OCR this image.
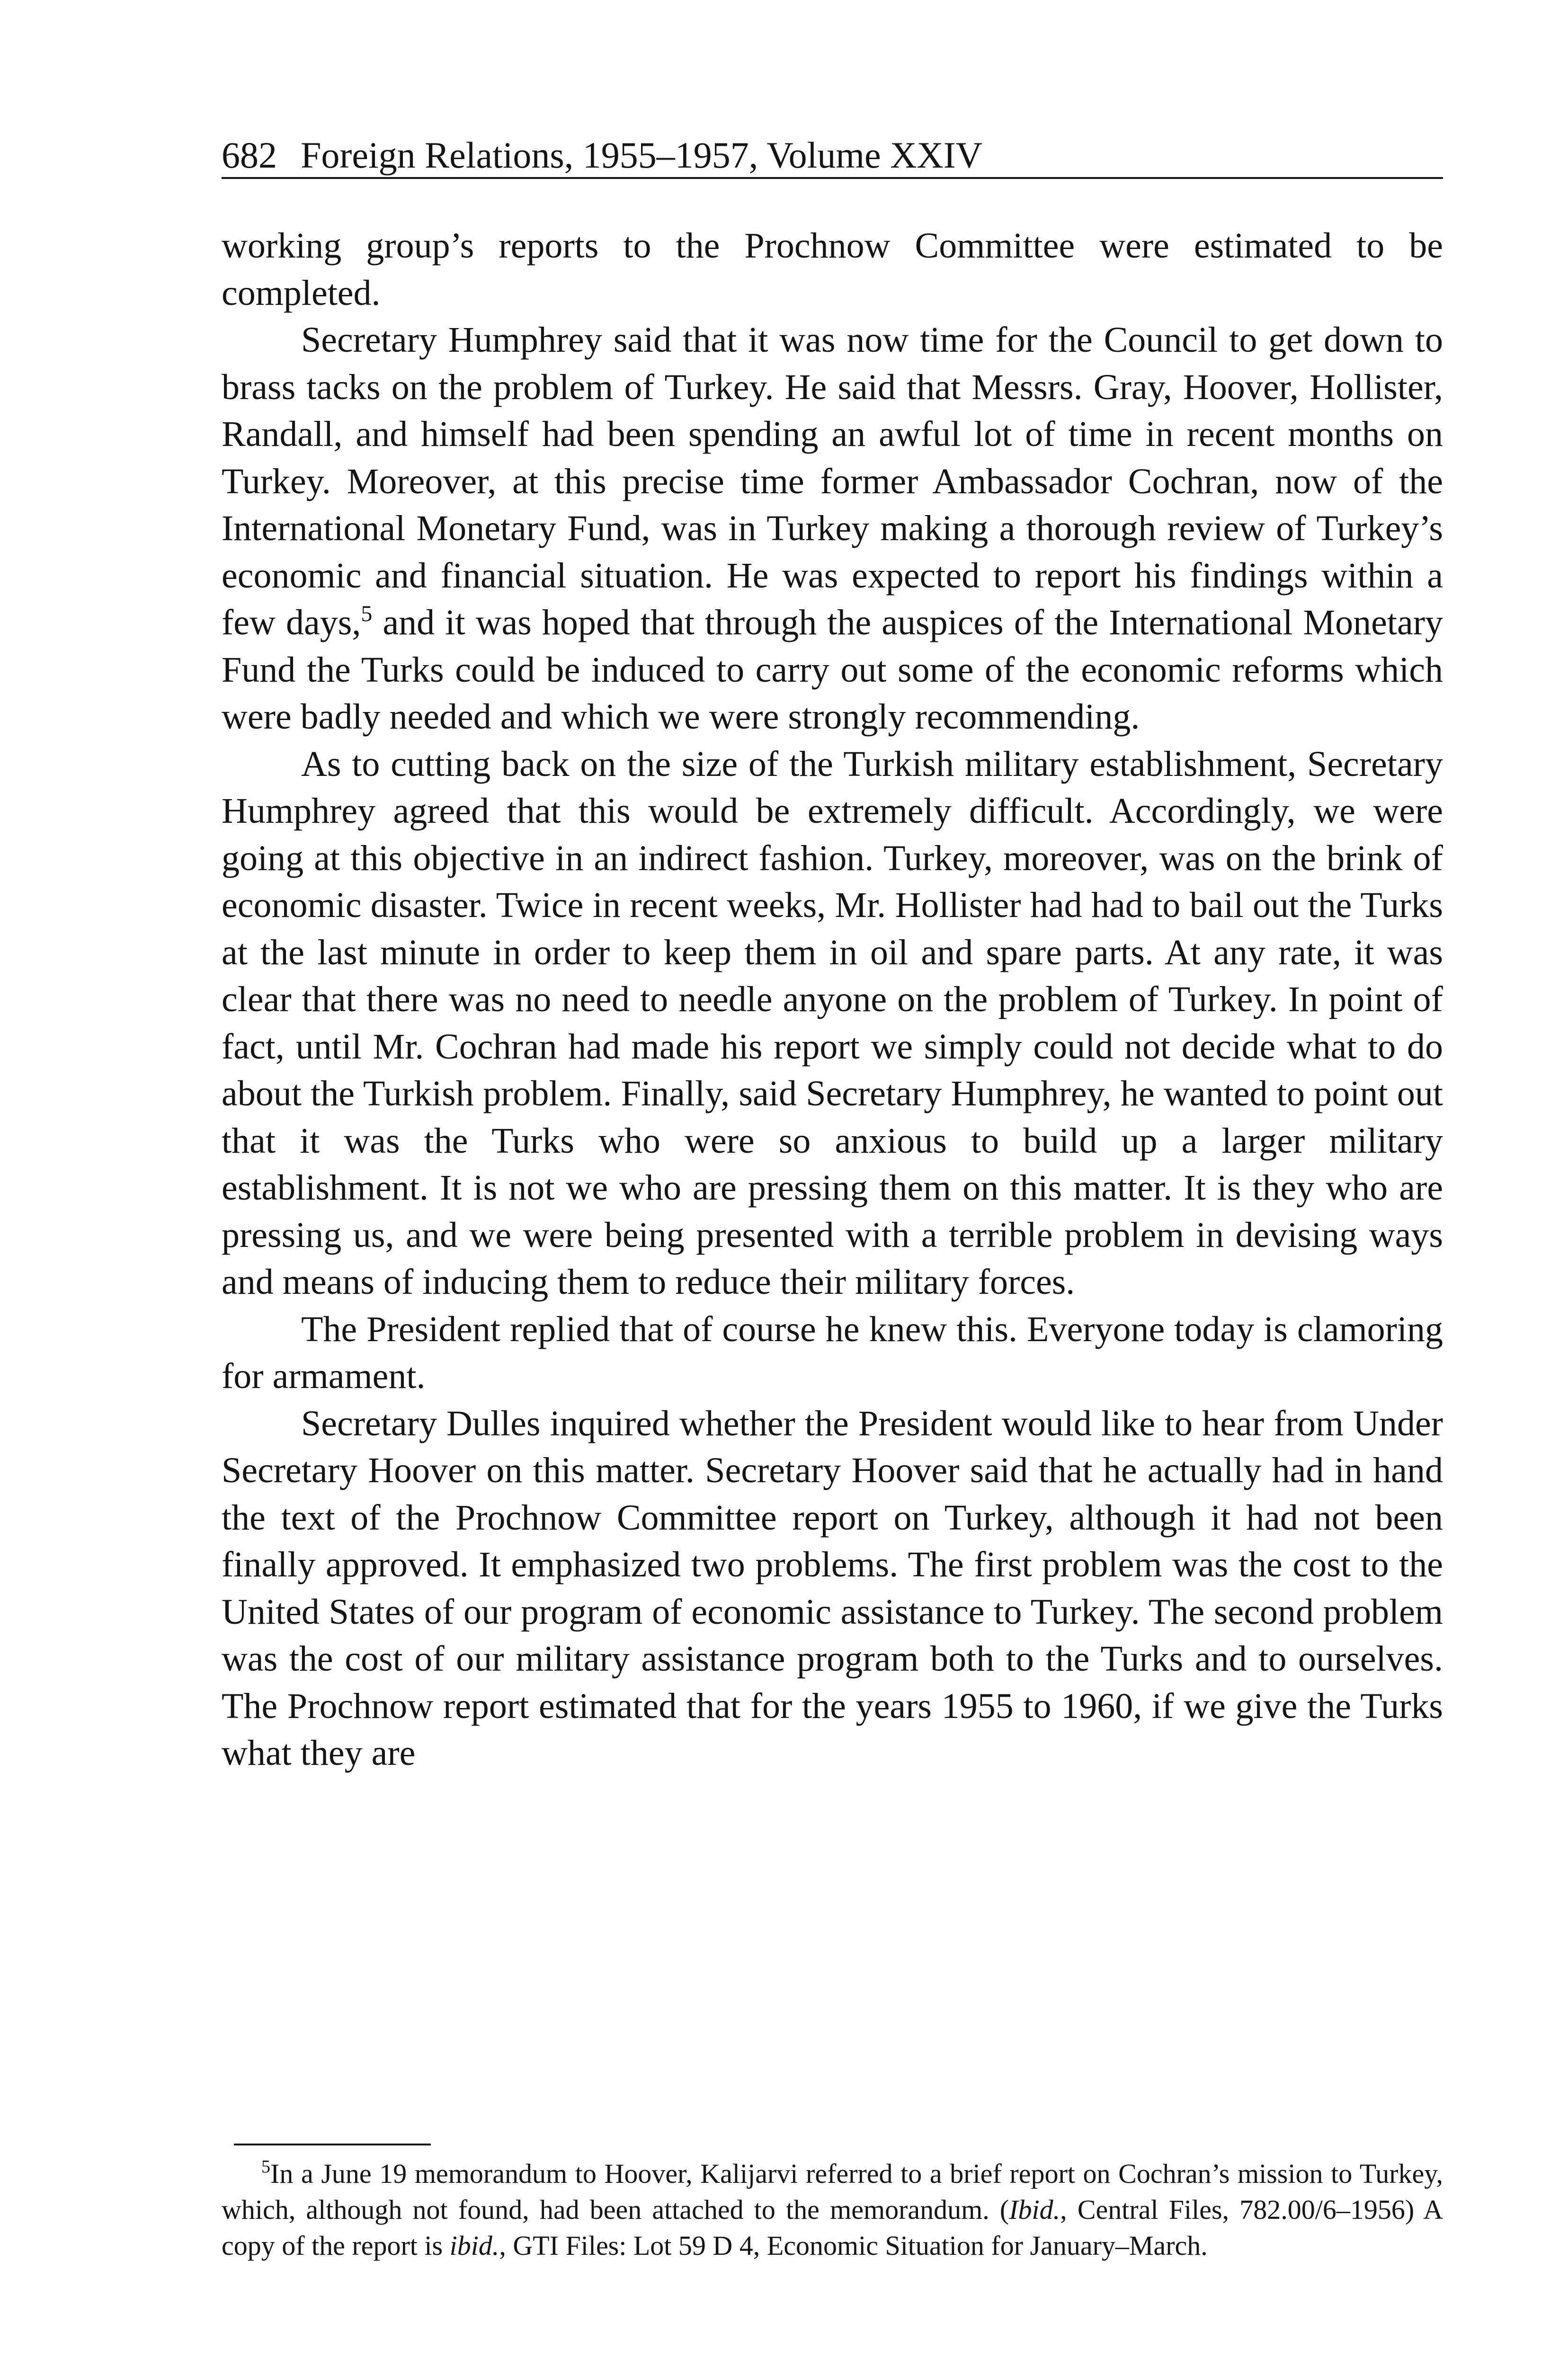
682 Foreign Relations, 1955–1957, Volume XXIV

working group’s reports to the Prochnow Committee were estimated to be completed.

Secretary Humphrey said that it was now time for the Council to get down to brass tacks on the problem of Turkey. He said that Messrs. Gray, Hoover, Hollister, Randall, and himself had been spending an awful lot of time in recent months on Turkey. Moreover, at this precise time former Ambassador Cochran, now of the International Monetary Fund, was in Turkey making a thorough review of Turkey’s economic and financial situation. He was expected to report his findings within a few days,$^5$ and it was hoped that through the auspices of the International Monetary Fund the Turks could be induced to carry out some of the economic reforms which were badly needed and which we were strongly recommending.

As to cutting back on the size of the Turkish military establishment, Secretary Humphrey agreed that this would be extremely difficult. Accordingly, we were going at this objective in an indirect fashion. Turkey, moreover, was on the brink of economic disaster. Twice in recent weeks, Mr. Hollister had had to bail out the Turks at the last minute in order to keep them in oil and spare parts. At any rate, it was clear that there was no need to needle anyone on the problem of Turkey. In point of fact, until Mr. Cochran had made his report we simply could not decide what to do about the Turkish problem. Finally, said Secretary Humphrey, he wanted to point out that it was the Turks who were so anxious to build up a larger military establishment. It is not we who are pressing them on this matter. It is they who are pressing us, and we were being presented with a terrible problem in devising ways and means of inducing them to reduce their military forces.

The President replied that of course he knew this. Everyone today is clamoring for armament.

Secretary Dulles inquired whether the President would like to hear from Under Secretary Hoover on this matter. Secretary Hoover said that he actually had in hand the text of the Prochnow Committee report on Turkey, although it had not been finally approved. It emphasized two problems. The first problem was the cost to the United States of our program of economic assistance to Turkey. The second problem was the cost of our military assistance program both to the Turks and to ourselves. The Prochnow report estimated that for the years 1955 to 1960, if we give the Turks what they are

$^5$In a June 19 memorandum to Hoover, Kalijarvi referred to a brief report on Cochran’s mission to Turkey, which, although not found, had been attached to the memorandum. (Ibid., Central Files, 782.00/6–1956) A copy of the report is ibid., GTI Files: Lot 59 D 4, Economic Situation for January–March.
